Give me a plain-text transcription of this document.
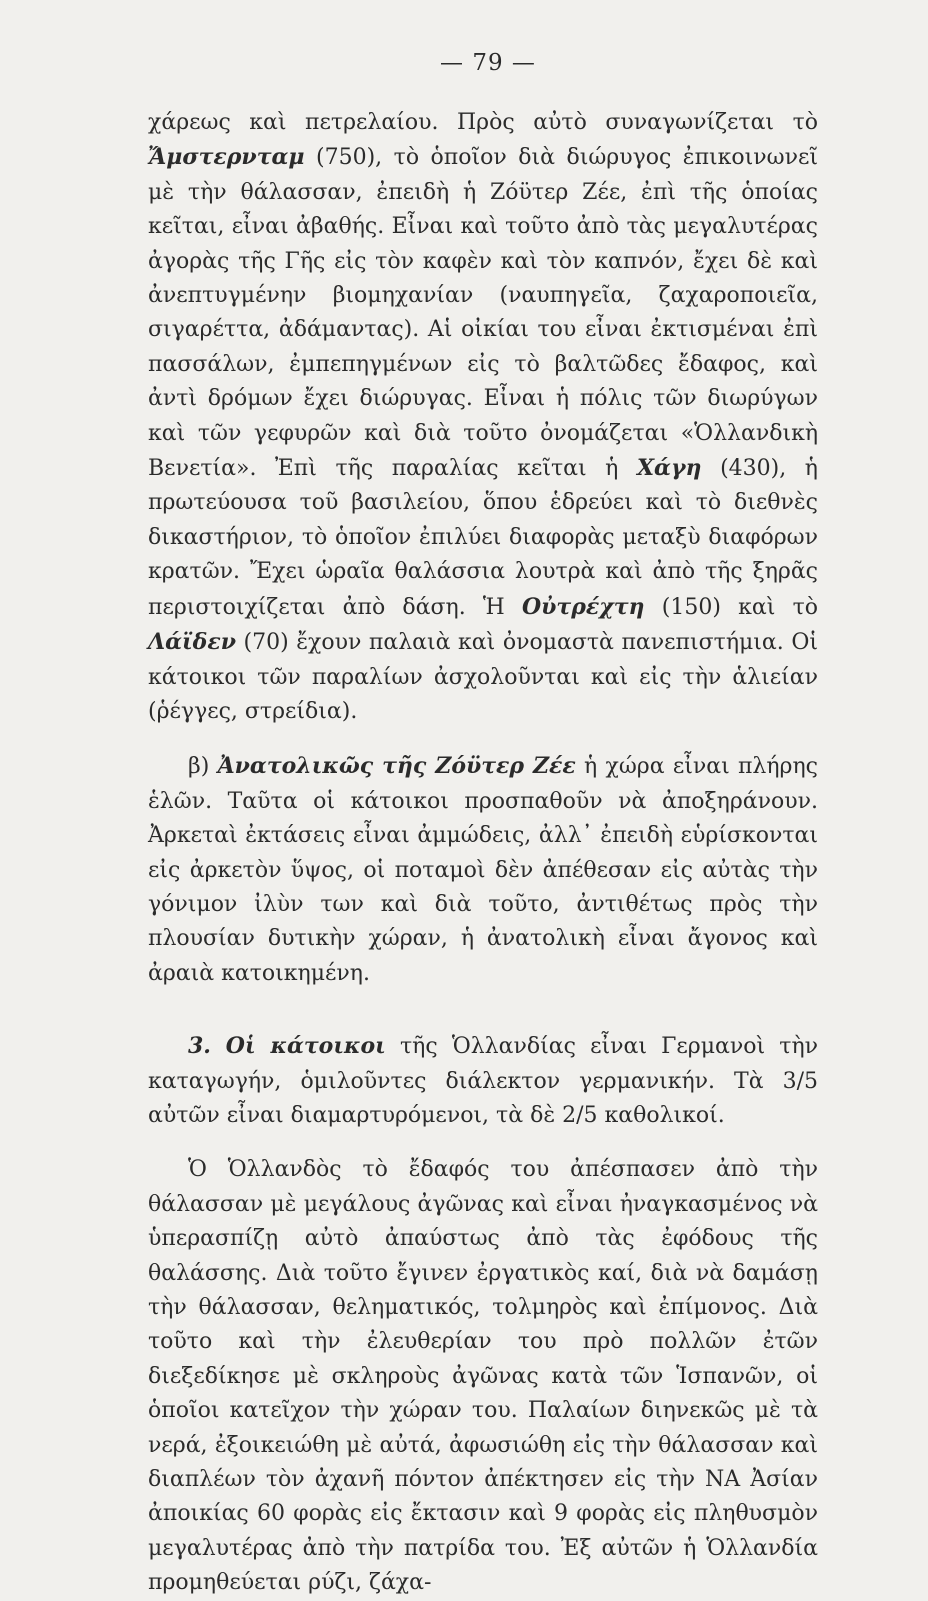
— 79 —

χάρεως καὶ πετρελαίου. Πρὸς αὐτὸ συναγωνίζεται τὸ Ἄμστερνταμ (750), τὸ ὁποῖον διὰ διώρυγος ἐπικοινωνεῖ μὲ τὴν θάλασσαν, ἐπειδὴ ἡ Ζόϋτερ Ζέε, ἐπὶ τῆς ὁποίας κεῖται, εἶναι ἀβαθής. Εἶναι καὶ τοῦτο ἀπὸ τὰς μεγαλυτέρας ἀγορὰς τῆς Γῆς εἰς τὸν καφὲν καὶ τὸν καπνόν, ἔχει δὲ καὶ ἀνεπτυγμένην βιομηχανίαν (ναυπηγεῖα, ζαχαροποιεῖα, σιγαρέττα, ἀδάμαντας). Αἱ οἰκίαι του εἶναι ἐκτισμέναι ἐπὶ πασσάλων, ἐμπεπηγμένων εἰς τὸ βαλτῶδες ἔδαφος, καὶ ἀντὶ δρόμων ἔχει διώρυγας. Εἶναι ἡ πόλις τῶν διωρύγων καὶ τῶν γεφυρῶν καὶ διὰ τοῦτο ὀνομάζεται «Ὁλλανδικὴ Βενετία». Ἐπὶ τῆς παραλίας κεῖται ἡ Χάγη (430), ἡ πρωτεύουσα τοῦ βασιλείου, ὅπου ἑδρεύει καὶ τὸ διεθνὲς δικαστήριον, τὸ ὁποῖον ἐπιλύει διαφορὰς μεταξὺ διαφόρων κρατῶν. Ἔχει ὡραῖα θαλάσσια λουτρὰ καὶ ἀπὸ τῆς ξηρᾶς περιστοιχίζεται ἀπὸ δάση. Ἡ Οὐτρέχτη (150) καὶ τὸ Λάϊδεν (70) ἔχουν παλαιὰ καὶ ὀνομαστὰ πανεπιστήμια. Οἱ κάτοικοι τῶν παραλίων ἀσχολοῦνται καὶ εἰς τὴν ἁλιείαν (ῥέγγες, στρείδια).

β) Ἀνατολικῶς τῆς Ζόϋτερ Ζέε ἡ χώρα εἶναι πλήρης ἑλῶν. Ταῦτα οἱ κάτοικοι προσπαθοῦν νὰ ἀποξηράνουν. Ἀρκεταὶ ἐκτάσεις εἶναι ἀμμώδεις, ἀλλ᾽ ἐπειδὴ εὑρίσκονται εἰς ἀρκετὸν ὕψος, οἱ ποταμοὶ δὲν ἀπέθεσαν εἰς αὐτὰς τὴν γόνιμον ἰλὺν των καὶ διὰ τοῦτο, ἀντιθέτως πρὸς τὴν πλουσίαν δυτικὴν χώραν, ἡ ἀνατολικὴ εἶναι ἄγονος καὶ ἀραιὰ κατοικημένη.

3. Οἱ κάτοικοι τῆς Ὁλλανδίας εἶναι Γερμανοὶ τὴν καταγωγήν, ὁμιλοῦντες διάλεκτον γερμανικήν. Τὰ 3/5 αὐτῶν εἶναι διαμαρτυρόμενοι, τὰ δὲ 2/5 καθολικοί.

Ὁ Ὁλλανδὸς τὸ ἔδαφός του ἀπέσπασεν ἀπὸ τὴν θάλασσαν μὲ μεγάλους ἀγῶνας καὶ εἶναι ἠναγκασμένος νὰ ὑπερασπίζῃ αὐτὸ ἀπαύστως ἀπὸ τὰς ἐφόδους τῆς θαλάσσης. Διὰ τοῦτο ἔγινεν ἐργατικὸς καί, διὰ νὰ δαμάσῃ τὴν θάλασσαν, θεληματικός, τολμηρὸς καὶ ἐπίμονος. Διὰ τοῦτο καὶ τὴν ἐλευθερίαν του πρὸ πολλῶν ἐτῶν διεξεδίκησε μὲ σκληροὺς ἀγῶνας κατὰ τῶν Ἱσπανῶν, οἱ ὁποῖοι κατεῖχον τὴν χώραν του. Παλαίων διηνεκῶς μὲ τὰ νερά, ἐξοικειώθη μὲ αὐτά, ἀφωσιώθη εἰς τὴν θάλασσαν καὶ διαπλέων τὸν ἀχανῆ πόντον ἀπέκτησεν εἰς τὴν ΝΑ Ἀσίαν ἀποικίας 60 φορὰς εἰς ἔκτασιν καὶ 9 φορὰς εἰς πληθυσμὸν μεγαλυτέρας ἀπὸ τὴν πατρίδα του. Ἐξ αὐτῶν ἡ Ὁλλανδία προμηθεύεται ρύζι, ζάχα-
